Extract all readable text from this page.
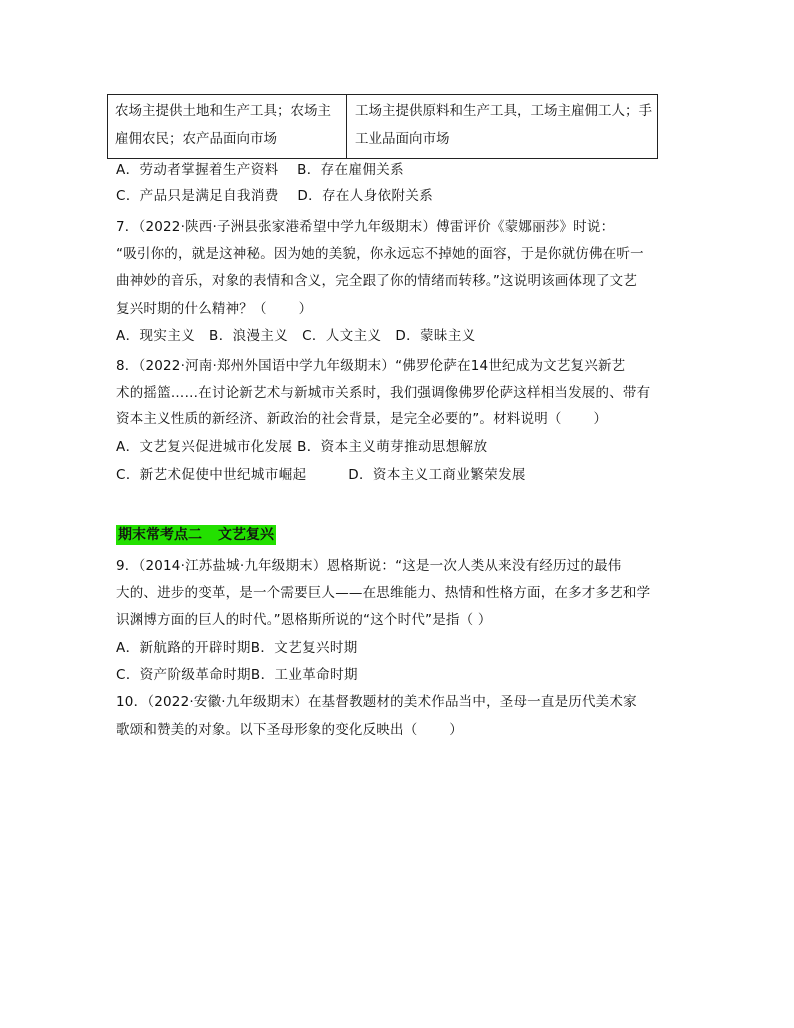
农场主提供土地和生产工具；农场主雇佣农民；农产品面向市场
工场主提供原料和生产工具，工场主雇佣工人；手工业品面向市场
A．劳动者掌握着生产资料　 B．存在雇佣关系
C．产品只是满足自我消费　 D．存在人身依附关系
7．（2022·陕西·子洲县张家港希望中学九年级期末）傅雷评价《蒙娜丽莎》时说：
“吸引你的，就是这神秘。因为她的美貌，你永远忘不掉她的面容，于是你就仿佛在听一
曲神妙的音乐，对象的表情和含义，完全跟了你的情绪而转移。”这说明该画体现了文艺
复兴时期的什么精神？（　　 ）
A．现实主义　B．浪漫主义　C．人文主义　D．蒙昧主义
8．（2022·河南·郑州外国语中学九年级期末）“佛罗伦萨在14世纪成为文艺复兴新艺
术的摇篮……在讨论新艺术与新城市关系时，我们强调像佛罗伦萨这样相当发展的、带有
资本主义性质的新经济、新政治的社会背景，是完全必要的”。材料说明（　　 ）
A．文艺复兴促进城市化发展 B．资本主义萌芽推动思想解放
C．新艺术促使中世纪城市崛起　　　D．资本主义工商业繁荣发展
期末常考点二 文艺复兴
9．（2014·江苏盐城·九年级期末）恩格斯说：“这是一次人类从来没有经历过的最伟
大的、进步的变革，是一个需要巨人——在思维能力、热情和性格方面，在多才多艺和学
识渊博方面的巨人的时代。”恩格斯所说的“这个时代”是指（ ）
A．新航路的开辟时期B．文艺复兴时期
C．资产阶级革命时期B．工业革命时期
10．（2022·安徽·九年级期末）在基督教题材的美术作品当中，圣母一直是历代美术家
歌颂和赞美的对象。以下圣母形象的变化反映出（　　 ）
